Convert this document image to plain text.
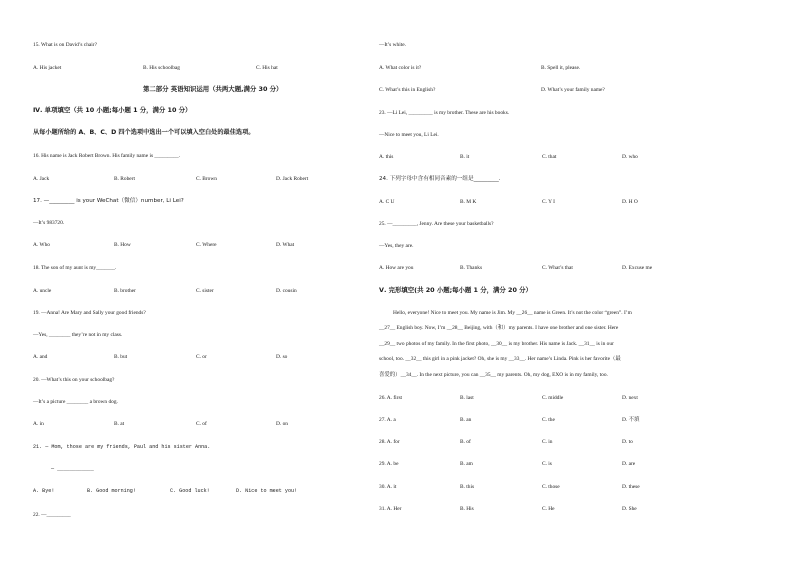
15. What is on David’s chair?
A. His jacket	B. His schoolbag	C. His hat
第二部分 英语知识运用（共两大题,满分 30 分）
Ⅳ. 单项填空（共 10 小题;每小题 1 分，满分 10 分）
从每小题所给的 A、B、C、D 四个选项中选出一个可以填入空白处的最佳选项。
16. His name is Jack Robert Brown. His family name is _________.
A. Jack	B. Robert	C. Brown	D. Jack Robert
17. —_________ is your WeChat（微信）number, Li Lei?
—It’s 983720.
A. Who	B. How	C. Where	D. What
18. The son of my aunt is my_______.
A. uncle	B. brother	C. sister	D. cousin
19. —Anna! Are Mary and Sally your good friends?
—Yes, ________ they’re not in my class.
A. and	B. but	C. or	D. so
20. —What’s this on your schoolbag?
—It’s a picture ________ a brown dog.
A. in	B. at	C. of	D. on
21. — Mom, those are my friends, Paul and his sister Anna.
— ____________
A. Bye!	B. Good morning!	C. Good luck!	D. Nice to meet you!
22. —_________
—It’s white.
A. What color is it?	B. Spell it, please.
C. What’s this in English?	D. What’s your family name?
23. —Li Lei, _________ is my brother. These are his books.
—Nice to meet you, Li Lei.
A. this	B. it	C. that	D. who
24. 下列字母中含有相同音素的一组是_________.
A. C U	B. M K	C. Y I	D. H O
25. —_________, Jenny. Are these your basketballs?
—Yes, they are.
A. How are you	B. Thanks	C. What’s that	D. Excuse me
Ⅴ. 完形填空(共 20 小题;每小题 1 分，满分 20 分）
Hello, everyone! Nice to meet you. My name is Jim. My __26__ name is Green. It’s not the color “green”. I’m
__27__ English boy. Now, I’m __28__ Beijing, with（和）my parents. I have one brother and one sister. Here
__29__ two photos of my family. In the first photo, __30__ is my brother. His name is Jack. __31__ is in our
school, too. __32__ this girl in a pink jacket? Oh, she is my __33__. Her name’s Linda. Pink is her favorite（最
喜爱的）__34__. In the next picture, you can __35__ my parents. Oh, my dog, EXO is in my family, too.
26. A. first	B. last	C. middle	D. next
27. A. a	B. an	C. the	D. 不填
28. A. for	B. of	C. in	D. to
29. A. be	B. am	C. is	D. are
30. A. it	B. this	C. those	D. these
31. A. Her	B. His	C. He	D. She
